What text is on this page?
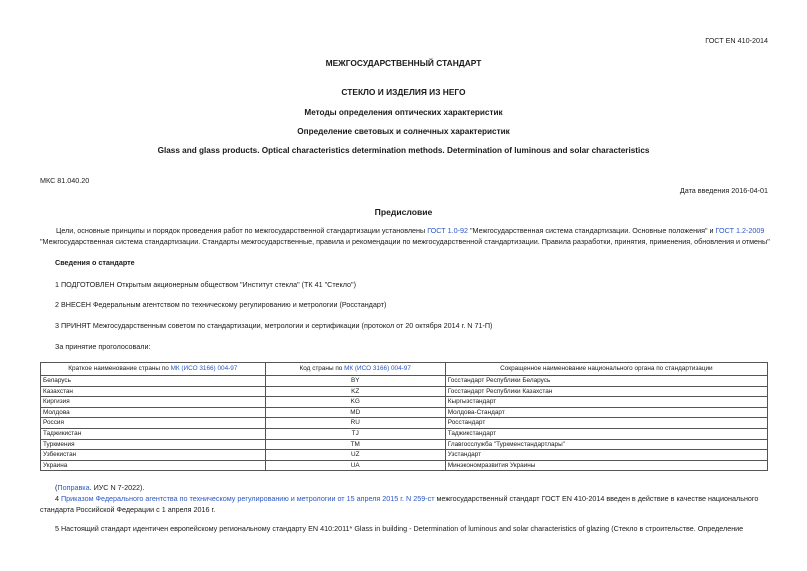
ГОСТ EN 410-2014
МЕЖГОСУДАРСТВЕННЫЙ СТАНДАРТ
СТЕКЛО И ИЗДЕЛИЯ ИЗ НЕГО
Методы определения оптических характеристик
Определение световых и солнечных характеристик
Glass and glass products. Optical characteristics determination methods. Determination of luminous and solar characteristics
МКС 81.040.20
Дата введения 2016-04-01
Предисловие
Цели, основные принципы и порядок проведения работ по межгосударственной стандартизации установлены ГОСТ 1.0-92 "Межгосударственная система стандартизации. Основные положения" и ГОСТ 1.2-2009
"Межгосударственная система стандартизации. Стандарты межгосударственные, правила и рекомендации по межгосударственной стандартизации. Правила разработки, принятия, применения, обновления и отмены"
Сведения о стандарте
1 ПОДГОТОВЛЕН Открытым акционерным обществом "Институт стекла" (ТК 41 "Стекло")
2 ВНЕСЕН Федеральным агентством по техническому регулированию и метрологии (Росстандарт)
3 ПРИНЯТ Межгосударственным советом по стандартизации, метрологии и сертификации (протокол от 20 октября 2014 г. N 71-П)
За принятие проголосовали:
Краткое наименование страны по МК (ИСО 3166) 004-97	Код страны по МК (ИСО 3166) 004-97	Сокращенное наименование национального органа по стандартизации
Беларусь	BY	Госстандарт Республики Беларусь
Казахстан	KZ	Госстандарт Республики Казахстан
Киргизия	KG	Кыргызстандарт
Молдова	MD	Молдова-Стандарт
Россия	RU	Росстандарт
Таджикистан	TJ	Таджикстандарт
Туркмения	TM	Главгосслужба "Туркменстандартлары"
Узбекистан	UZ	Узстандарт
Украина	UA	Минэкономразвития Украины
(Поправка. ИУС N 7-2022).
4 Приказом Федерального агентства по техническому регулированию и метрологии от 15 апреля 2015 г. N 259-ст межгосударственный стандарт ГОСТ EN 410-2014 введен в действие в качестве национального стандарта Российской Федерации с 1 апреля 2016 г.
5 Настоящий стандарт идентичен европейскому региональному стандарту EN 410:2011* Glass in building - Determination of luminous and solar characteristics of glazing (Стекло в строительстве. Определение
